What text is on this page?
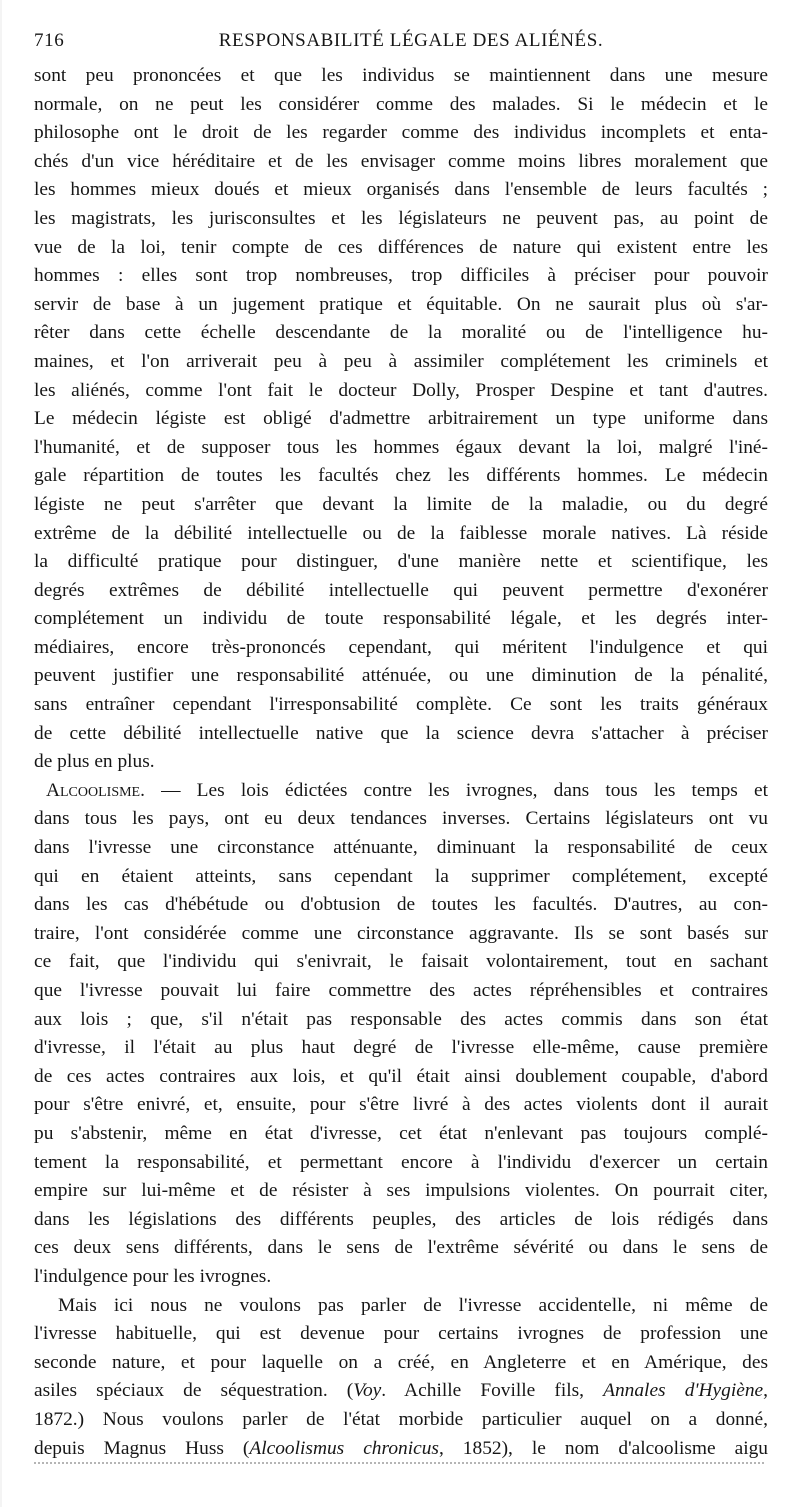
716	RESPONSABILITÉ LÉGALE DES ALIÉNÉS.
sont peu prononcées et que les individus se maintiennent dans une mesure
normale, on ne peut les considérer comme des malades. Si le médecin et le
philosophe ont le droit de les regarder comme des individus incomplets et enta-
chés d'un vice héréditaire et de les envisager comme moins libres moralement que
les hommes mieux doués et mieux organisés dans l'ensemble de leurs facultés ;
les magistrats, les jurisconsultes et les législateurs ne peuvent pas, au point de
vue de la loi, tenir compte de ces différences de nature qui existent entre les
hommes : elles sont trop nombreuses, trop difficiles à préciser pour pouvoir
servir de base à un jugement pratique et équitable. On ne saurait plus où s'ar-
rêter dans cette échelle descendante de la moralité ou de l'intelligence hu-
maines, et l'on arriverait peu à peu à assimiler complétement les criminels et
les aliénés, comme l'ont fait le docteur Dolly, Prosper Despine et tant d'autres.
Le médecin légiste est obligé d'admettre arbitrairement un type uniforme dans
l'humanité, et de supposer tous les hommes égaux devant la loi, malgré l'iné-
gale répartition de toutes les facultés chez les différents hommes. Le médecin
légiste ne peut s'arrêter que devant la limite de la maladie, ou du degré
extrême de la débilité intellectuelle ou de la faiblesse morale natives. Là réside
la difficulté pratique pour distinguer, d'une manière nette et scientifique, les
degrés extrêmes de débilité intellectuelle qui peuvent permettre d'exonérer
complétement un individu de toute responsabilité légale, et les degrés inter-
médiaires, encore très-prononcés cependant, qui méritent l'indulgence et qui
peuvent justifier une responsabilité atténuée, ou une diminution de la pénalité,
sans entraîner cependant l'irresponsabilité complète. Ce sont les traits généraux
de cette débilité intellectuelle native que la science devra s'attacher à préciser
de plus en plus.
Alcoolisme. — Les lois édictées contre les ivrognes, dans tous les temps et
dans tous les pays, ont eu deux tendances inverses. Certains législateurs ont vu
dans l'ivresse une circonstance atténuante, diminuant la responsabilité de ceux
qui en étaient atteints, sans cependant la supprimer complétement, excepté
dans les cas d'hébétude ou d'obtusion de toutes les facultés. D'autres, au con-
traire, l'ont considérée comme une circonstance aggravante. Ils se sont basés sur
ce fait, que l'individu qui s'enivrait, le faisait volontairement, tout en sachant
que l'ivresse pouvait lui faire commettre des actes répréhensibles et contraires
aux lois ; que, s'il n'était pas responsable des actes commis dans son état
d'ivresse, il l'était au plus haut degré de l'ivresse elle-même, cause première
de ces actes contraires aux lois, et qu'il était ainsi doublement coupable, d'abord
pour s'être enivré, et, ensuite, pour s'être livré à des actes violents dont il aurait
pu s'abstenir, même en état d'ivresse, cet état n'enlevant pas toujours complé-
tement la responsabilité, et permettant encore à l'individu d'exercer un certain
empire sur lui-même et de résister à ses impulsions violentes. On pourrait citer,
dans les législations des différents peuples, des articles de lois rédigés dans
ces deux sens différents, dans le sens de l'extrême sévérité ou dans le sens de
l'indulgence pour les ivrognes.
Mais ici nous ne voulons pas parler de l'ivresse accidentelle, ni même de
l'ivresse habituelle, qui est devenue pour certains ivrognes de profession une
seconde nature, et pour laquelle on a créé, en Angleterre et en Amérique, des
asiles spéciaux de séquestration. (Voy. Achille Foville fils, Annales d'Hygiène,
1872.) Nous voulons parler de l'état morbide particulier auquel on a donné,
depuis Magnus Huss (Alcoolismus chronicus, 1852), le nom d'alcoolisme aigu
